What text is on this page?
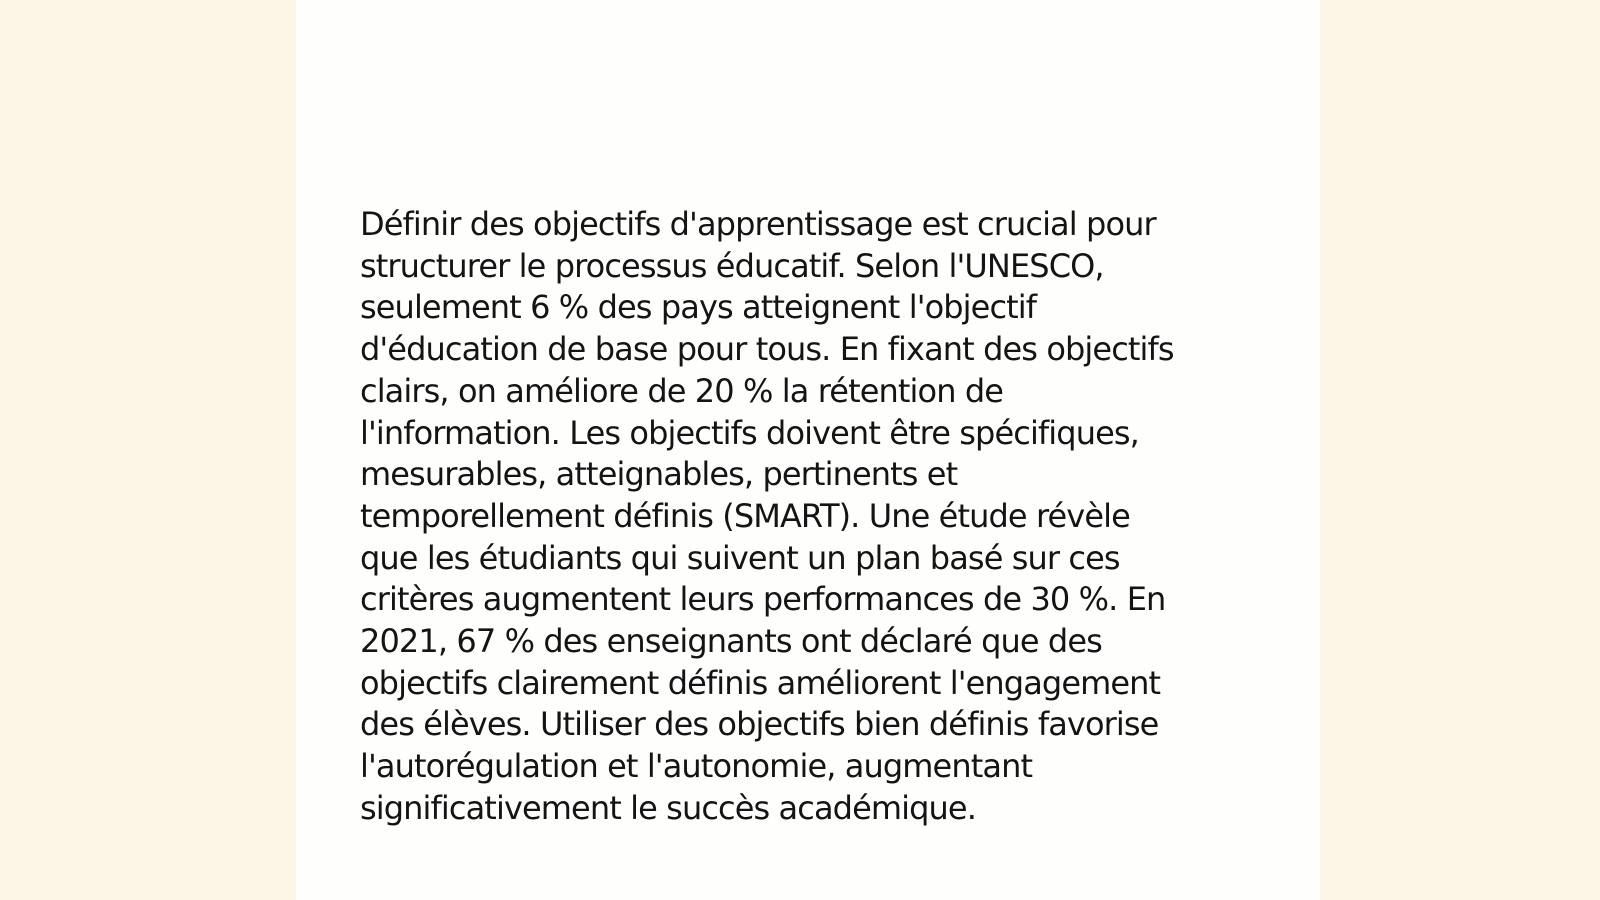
Définir des objectifs d'apprentissage est crucial pour
structurer le processus éducatif. Selon l'UNESCO,
seulement 6 % des pays atteignent l'objectif
d'éducation de base pour tous. En fixant des objectifs
clairs, on améliore de 20 % la rétention de
l'information. Les objectifs doivent être spécifiques,
mesurables, atteignables, pertinents et
temporellement définis (SMART). Une étude révèle
que les étudiants qui suivent un plan basé sur ces
critères augmentent leurs performances de 30 %. En
2021, 67 % des enseignants ont déclaré que des
objectifs clairement définis améliorent l'engagement
des élèves. Utiliser des objectifs bien définis favorise
l'autorégulation et l'autonomie, augmentant
significativement le succès académique.
